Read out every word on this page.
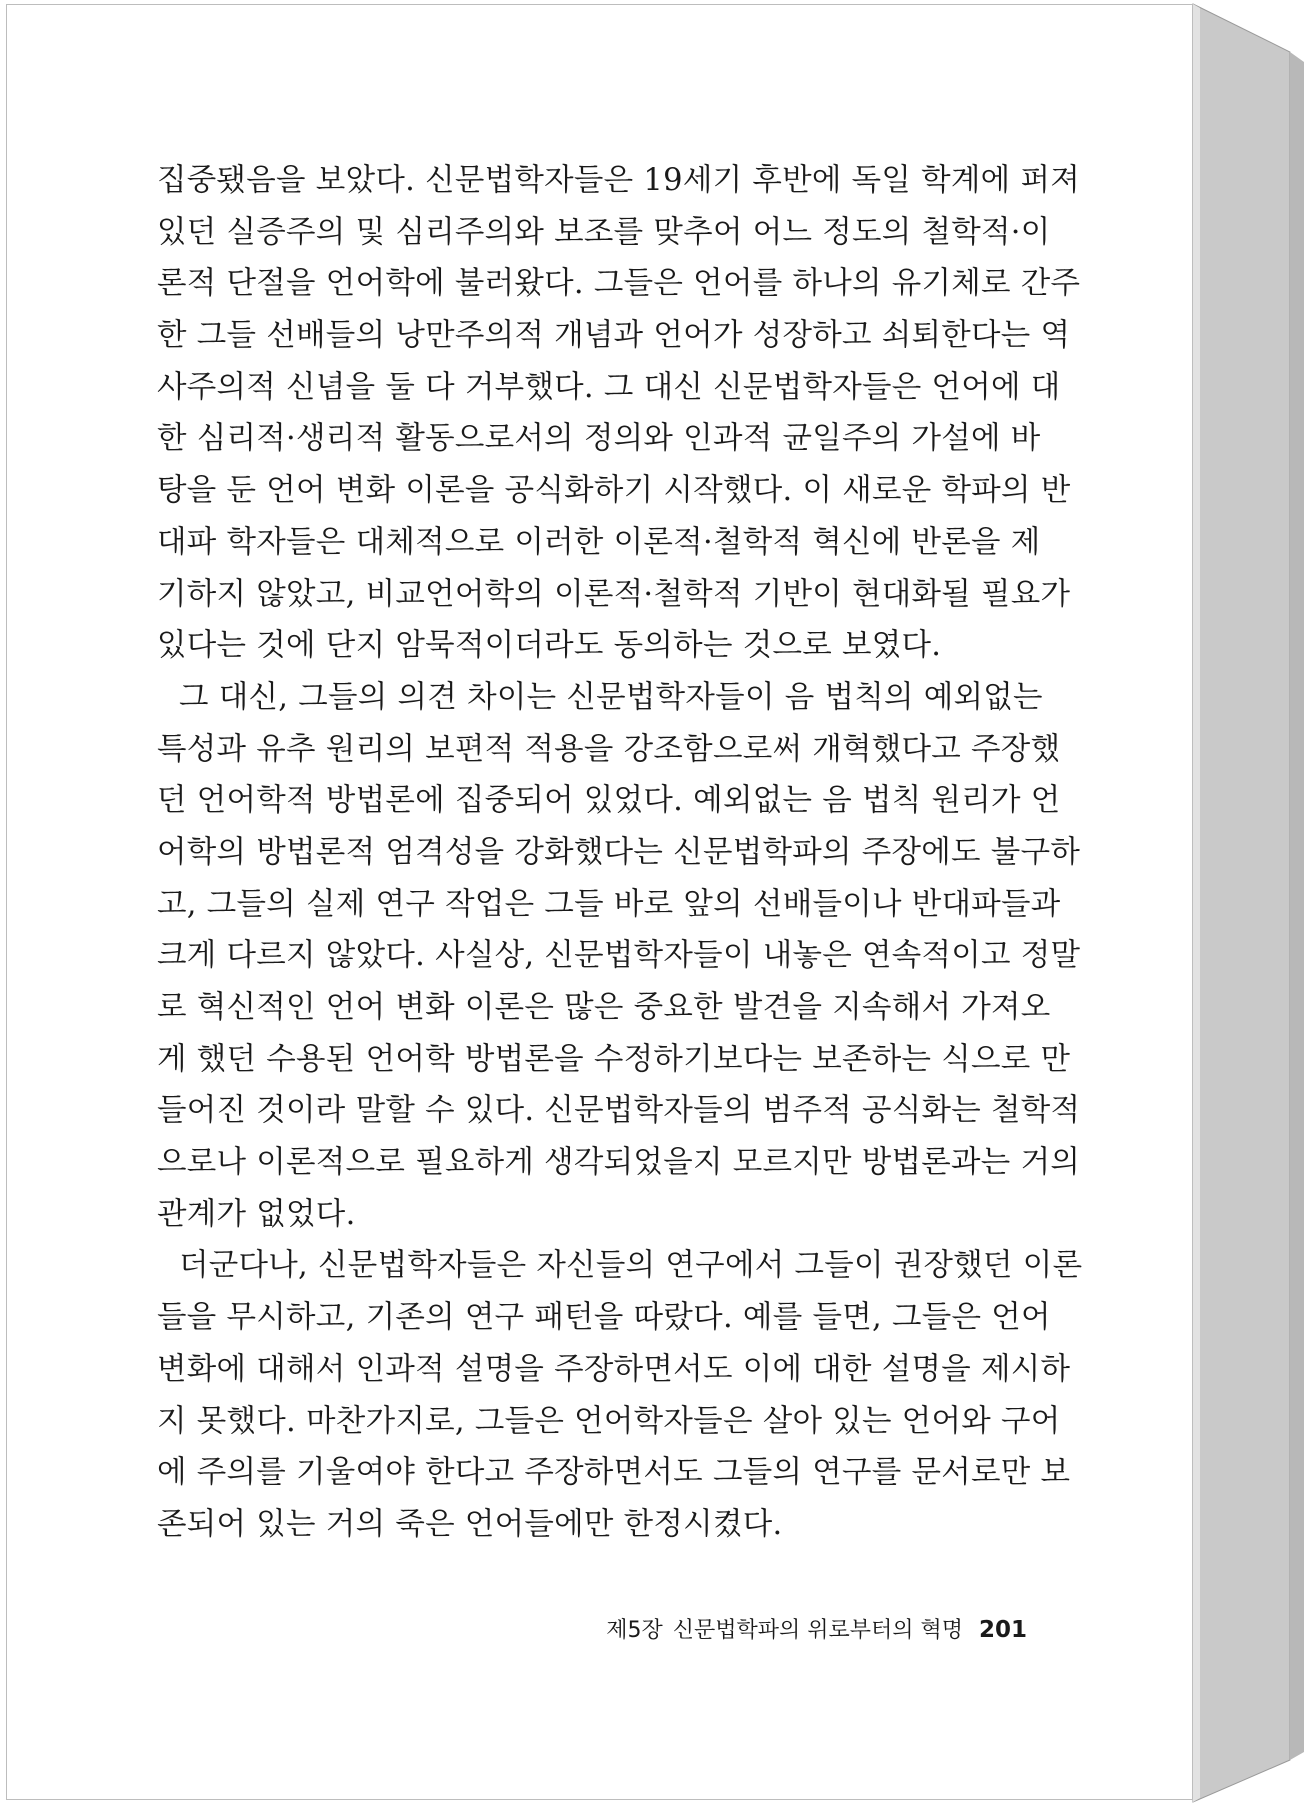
집중됐음을 보았다. 신문법학자들은 19세기 후반에 독일 학계에 퍼져
있던 실증주의 및 심리주의와 보조를 맞추어 어느 정도의 철학적·이
론적 단절을 언어학에 불러왔다. 그들은 언어를 하나의 유기체로 간주
한 그들 선배들의 낭만주의적 개념과 언어가 성장하고 쇠퇴한다는 역
사주의적 신념을 둘 다 거부했다. 그 대신 신문법학자들은 언어에 대
한 심리적·생리적 활동으로서의 정의와 인과적 균일주의 가설에 바
탕을 둔 언어 변화 이론을 공식화하기 시작했다. 이 새로운 학파의 반
대파 학자들은 대체적으로 이러한 이론적·철학적 혁신에 반론을 제
기하지 않았고, 비교언어학의 이론적·철학적 기반이 현대화될 필요가
있다는 것에 단지 암묵적이더라도 동의하는 것으로 보였다.
그 대신, 그들의 의견 차이는 신문법학자들이 음 법칙의 예외없는
특성과 유추 원리의 보편적 적용을 강조함으로써 개혁했다고 주장했
던 언어학적 방법론에 집중되어 있었다. 예외없는 음 법칙 원리가 언
어학의 방법론적 엄격성을 강화했다는 신문법학파의 주장에도 불구하
고, 그들의 실제 연구 작업은 그들 바로 앞의 선배들이나 반대파들과
크게 다르지 않았다. 사실상, 신문법학자들이 내놓은 연속적이고 정말
로 혁신적인 언어 변화 이론은 많은 중요한 발견을 지속해서 가져오
게 했던 수용된 언어학 방법론을 수정하기보다는 보존하는 식으로 만
들어진 것이라 말할 수 있다. 신문법학자들의 범주적 공식화는 철학적
으로나 이론적으로 필요하게 생각되었을지 모르지만 방법론과는 거의
관계가 없었다.
더군다나, 신문법학자들은 자신들의 연구에서 그들이 권장했던 이론
들을 무시하고, 기존의 연구 패턴을 따랐다. 예를 들면, 그들은 언어
변화에 대해서 인과적 설명을 주장하면서도 이에 대한 설명을 제시하
지 못했다. 마찬가지로, 그들은 언어학자들은 살아 있는 언어와 구어
에 주의를 기울여야 한다고 주장하면서도 그들의 연구를 문서로만 보
존되어 있는 거의 죽은 언어들에만 한정시켰다.
제5장 신문법학파의 위로부터의 혁명 201
